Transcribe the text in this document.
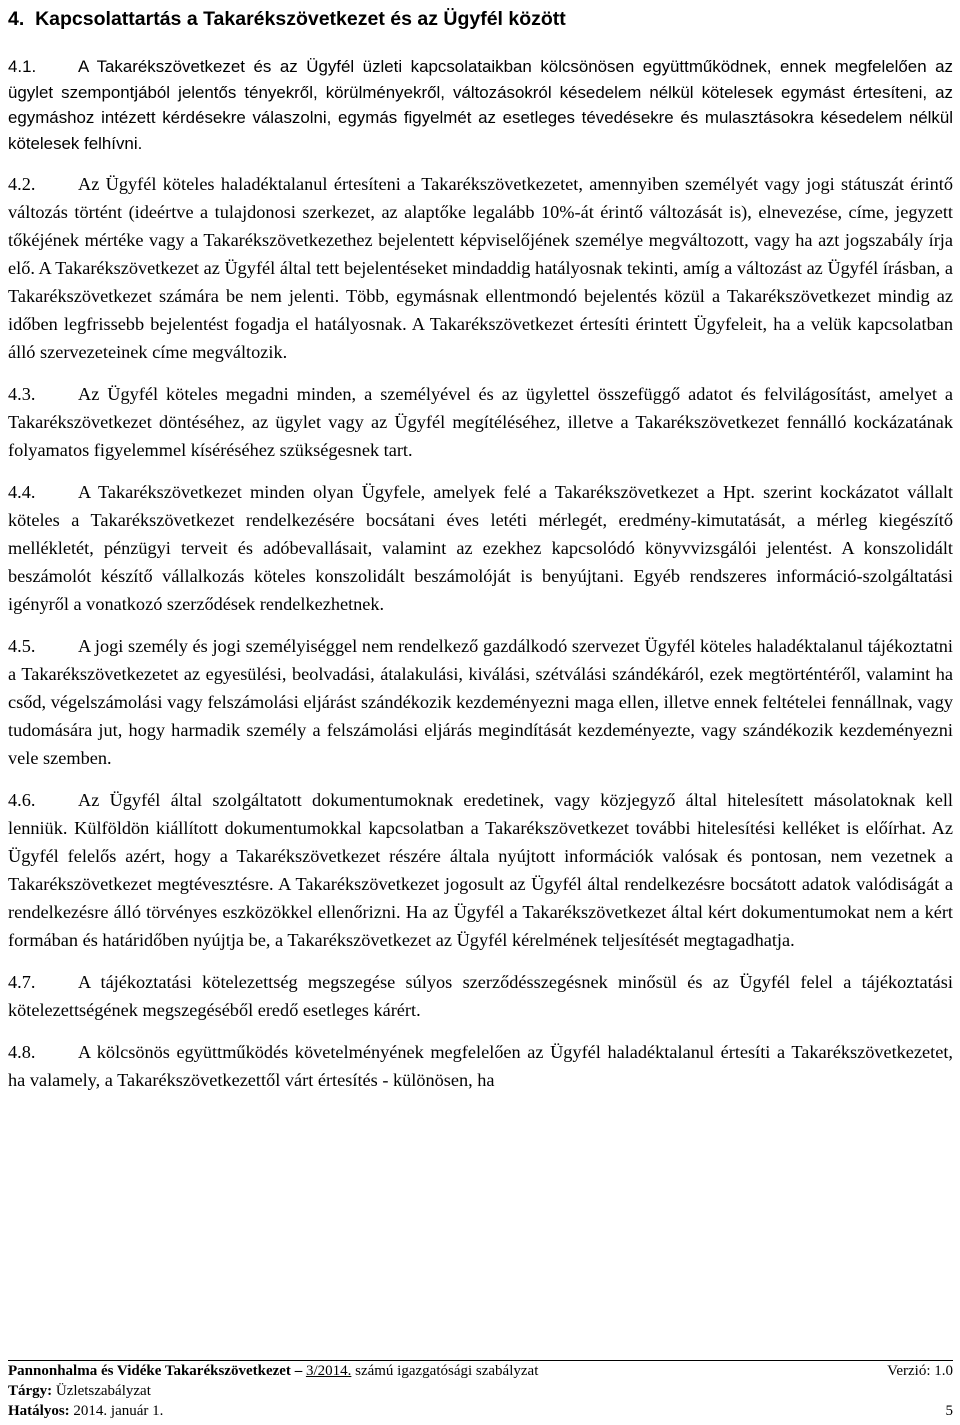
4.  Kapcsolattartás a Takarékszövetkezet és az Ügyfél között

4.1. A Takarékszövetkezet és az Ügyfél üzleti kapcsolataikban kölcsönösen együttműködnek, ennek megfelelően az ügylet szempontjából jelentős tényekről, körülményekről, változásokról késedelem nélkül kötelesek egymást értesíteni, az egymáshoz intézett kérdésekre válaszolni, egymás figyelmét az esetleges tévedésekre és mulasztásokra késedelem nélkül kötelesek felhívni.

4.2. Az Ügyfél köteles haladéktalanul értesíteni a Takarékszövetkezetet, amennyiben személyét vagy jogi státuszát érintő változás történt (ideértve a tulajdonosi szerkezet, az alaptőke legalább 10%-át érintő változását is), elnevezése, címe, jegyzett tőkéjének mértéke vagy a Takarékszövetkezethez bejelentett képviselőjének személye megváltozott, vagy ha azt jogszabály írja elő. A Takarékszövetkezet az Ügyfél által tett bejelentéseket mindaddig hatályosnak tekinti, amíg a változást az Ügyfél írásban, a Takarékszövetkezet számára be nem jelenti. Több, egymásnak ellentmondó bejelentés közül a Takarékszövetkezet mindig az időben legfrissebb bejelentést fogadja el hatályosnak. A Takarékszövetkezet értesíti érintett Ügyfeleit, ha a velük kapcsolatban álló szervezeteinek címe megváltozik.

4.3. Az Ügyfél köteles megadni minden, a személyével és az ügylettel összefüggő adatot és felvilágosítást, amelyet a Takarékszövetkezet döntéséhez, az ügylet vagy az Ügyfél megítéléséhez, illetve a Takarékszövetkezet fennálló kockázatának folyamatos figyelemmel kíséréséhez szükségesnek tart.

4.4. A Takarékszövetkezet minden olyan Ügyfele, amelyek felé a Takarékszövetkezet a Hpt. szerint kockázatot vállalt köteles a Takarékszövetkezet rendelkezésére bocsátani éves letéti mérlegét, eredmény-kimutatását, a mérleg kiegészítő mellékletét, pénzügyi terveit és adóbevallásait, valamint az ezekhez kapcsolódó könyvvizsgálói jelentést. A konszolidált beszámolót készítő vállalkozás köteles konszolidált beszámolóját is benyújtani. Egyéb rendszeres információ-szolgáltatási igényről a vonatkozó szerződések rendelkezhetnek.

4.5. A jogi személy és jogi személyiséggel nem rendelkező gazdálkodó szervezet Ügyfél köteles haladéktalanul tájékoztatni a Takarékszövetkezetet az egyesülési, beolvadási, átalakulási, kiválási, szétválási szándékáról, ezek megtörténtéről, valamint ha csőd, végelszámolási vagy felszámolási eljárást szándékozik kezdeményezni maga ellen, illetve ennek feltételei fennállnak, vagy tudomására jut, hogy harmadik személy a felszámolási eljárás megindítását kezdeményezte, vagy szándékozik kezdeményezni vele szemben.

4.6. Az Ügyfél által szolgáltatott dokumentumoknak eredetinek, vagy közjegyző által hitelesített másolatoknak kell lenniük. Külföldön kiállított dokumentumokkal kapcsolatban a Takarékszövetkezet további hitelesítési kelléket is előírhat. Az Ügyfél felelős azért, hogy a Takarékszövetkezet részére általa nyújtott információk valósak és pontosan, nem vezetnek a Takarékszövetkezet megtévesztésre. A Takarékszövetkezet jogosult az Ügyfél által rendelkezésre bocsátott adatok valódiságát a rendelkezésre álló törvényes eszközökkel ellenőrizni. Ha az Ügyfél a Takarékszövetkezet által kért dokumentumokat nem a kért formában és határidőben nyújtja be, a Takarékszövetkezet az Ügyfél kérelmének teljesítését megtagadhatja.

4.7. A tájékoztatási kötelezettség megszegése súlyos szerződésszegésnek minősül és az Ügyfél felel a tájékoztatási kötelezettségének megszegéséből eredő esetleges kárért.

4.8. A kölcsönös együttműködés követelményének megfelelően az Ügyfél haladéktalanul értesíti a Takarékszövetkezetet, ha valamely, a Takarékszövetkezettől várt értesítés - különösen, ha

Pannonhalma és Vidéke Takarékszövetkezet – 3/2014. számú igazgatósági szabályzat	Verzió: 1.0
Tárgy: Üzletszabályzat
Hatályos: 2014. január 1.	5
